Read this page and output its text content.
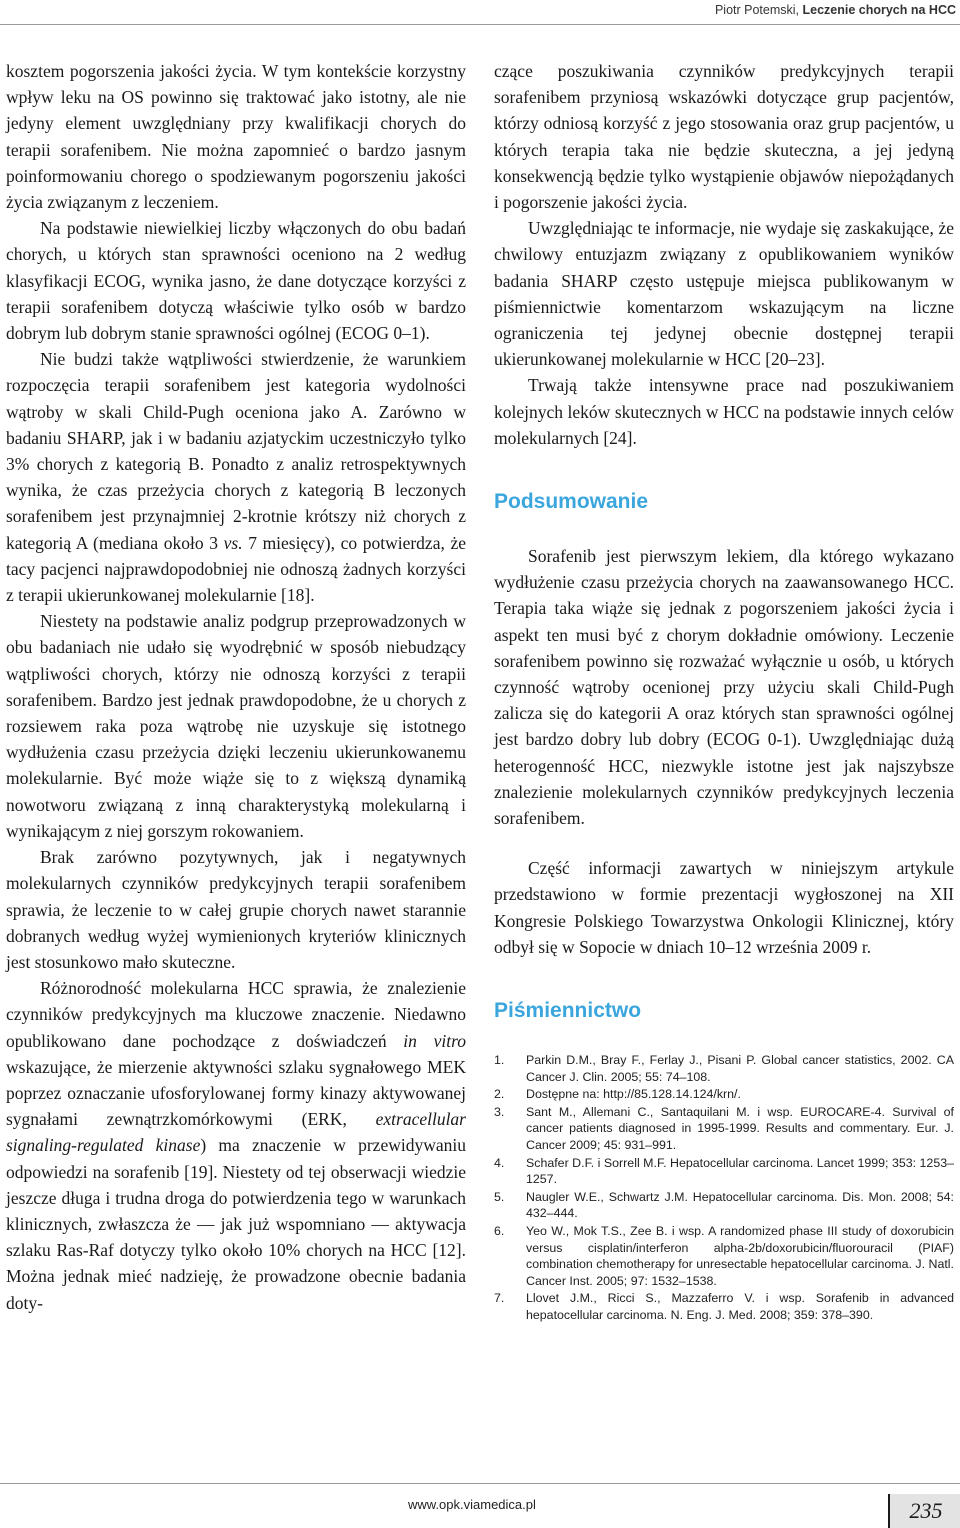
Piotr Potemski, Leczenie chorych na HCC

kosztem pogorszenia jakości życia. W tym kontekście korzystny wpływ leku na OS powinno się traktować jako istotny, ale nie jedyny element uwzględniany przy kwalifikacji chorych do terapii sorafenibem. Nie można zapomnieć o bardzo jasnym poinformowaniu chorego o spodziewanym pogorszeniu jakości życia związanym z leczeniem.

Na podstawie niewielkiej liczby włączonych do obu badań chorych, u których stan sprawności oceniono na 2 według klasyfikacji ECOG, wynika jasno, że dane dotyczące korzyści z terapii sorafenibem dotyczą właściwie tylko osób w bardzo dobrym lub dobrym stanie sprawności ogólnej (ECOG 0–1).

Nie budzi także wątpliwości stwierdzenie, że warunkiem rozpoczęcia terapii sorafenibem jest kategoria wydolności wątroby w skali Child-Pugh oceniona jako A. Zarówno w badaniu SHARP, jak i w badaniu azjatyckim uczestniczyło tylko 3% chorych z kategorią B. Ponadto z analiz retrospektywnych wynika, że czas przeżycia chorych z kategorią B leczonych sorafenibem jest przynajmniej 2-krotnie krótszy niż chorych z kategorią A (mediana około 3 vs. 7 miesięcy), co potwierdza, że tacy pacjenci najprawdopodobniej nie odnoszą żadnych korzyści z terapii ukierunkowanej molekularnie [18].

Niestety na podstawie analiz podgrup przeprowadzonych w obu badaniach nie udało się wyodrębnić w sposób niebudzący wątpliwości chorych, którzy nie odnoszą korzyści z terapii sorafenibem. Bardzo jest jednak prawdopodobne, że u chorych z rozsiewem raka poza wątrobę nie uzyskuje się istotnego wydłużenia czasu przeżycia dzięki leczeniu ukierunkowanemu molekularnie. Być może wiąże się to z większą dynamiką nowotworu związaną z inną charakterystyką molekularną i wynikającym z niej gorszym rokowaniem.

Brak zarówno pozytywnych, jak i negatywnych molekularnych czynników predykcyjnych terapii sorafenibem sprawia, że leczenie to w całej grupie chorych nawet starannie dobranych według wyżej wymienionych kryteriów klinicznych jest stosunkowo mało skuteczne.

Różnorodność molekularna HCC sprawia, że znalezienie czynników predykcyjnych ma kluczowe znaczenie. Niedawno opublikowano dane pochodzące z doświadczeń in vitro wskazujące, że mierzenie aktywności szlaku sygnałowego MEK poprzez oznaczanie ufosforylowanej formy kinazy aktywowanej sygnałami zewnątrzkomórkowymi (ERK, extracellular signaling-regulated kinase) ma znaczenie w przewidywaniu odpowiedzi na sorafenib [19]. Niestety od tej obserwacji wiedzie jeszcze długa i trudna droga do potwierdzenia tego w warunkach klinicznych, zwłaszcza że — jak już wspomniano — aktywacja szlaku Ras-Raf dotyczy tylko około 10% chorych na HCC [12]. Można jednak mieć nadzieję, że prowadzone obecnie badania doty-

czące poszukiwania czynników predykcyjnych terapii sorafenibem przyniosą wskazówki dotyczące grup pacjentów, którzy odniosą korzyść z jego stosowania oraz grup pacjentów, u których terapia taka nie będzie skuteczna, a jej jedyną konsekwencją będzie tylko wystąpienie objawów niepożądanych i pogorszenie jakości życia.

Uwzględniając te informacje, nie wydaje się zaskakujące, że chwilowy entuzjazm związany z opublikowaniem wyników badania SHARP często ustępuje miejsca publikowanym w piśmiennictwie komentarzom wskazującym na liczne ograniczenia tej jedynej obecnie dostępnej terapii ukierunkowanej molekularnie w HCC [20–23].

Trwają także intensywne prace nad poszukiwaniem kolejnych leków skutecznych w HCC na podstawie innych celów molekularnych [24].

Podsumowanie

Sorafenib jest pierwszym lekiem, dla którego wykazano wydłużenie czasu przeżycia chorych na zaawansowanego HCC. Terapia taka wiąże się jednak z pogorszeniem jakości życia i aspekt ten musi być z chorym dokładnie omówiony. Leczenie sorafenibem powinno się rozważać wyłącznie u osób, u których czynność wątroby ocenionej przy użyciu skali Child-Pugh zalicza się do kategorii A oraz których stan sprawności ogólnej jest bardzo dobry lub dobry (ECOG 0-1). Uwzględniając dużą heterogenność HCC, niezwykle istotne jest jak najszybsze znalezienie molekularnych czynników predykcyjnych leczenia sorafenibem.

Część informacji zawartych w niniejszym artykule przedstawiono w formie prezentacji wygłoszonej na XII Kongresie Polskiego Towarzystwa Onkologii Klinicznej, który odbył się w Sopocie w dniach 10–12 września 2009 r.

Piśmiennictwo
1. Parkin D.M., Bray F., Ferlay J., Pisani P. Global cancer statistics, 2002. CA Cancer J. Clin. 2005; 55: 74–108.
2. Dostępne na: http://85.128.14.124/krn/.
3. Sant M., Allemani C., Santaquilani M. i wsp. EUROCARE-4. Survival of cancer patients diagnosed in 1995-1999. Results and commentary. Eur. J. Cancer 2009; 45: 931–991.
4. Schafer D.F. i Sorrell M.F. Hepatocellular carcinoma. Lancet 1999; 353: 1253–1257.
5. Naugler W.E., Schwartz J.M. Hepatocellular carcinoma. Dis. Mon. 2008; 54: 432–444.
6. Yeo W., Mok T.S., Zee B. i wsp. A randomized phase III study of doxorubicin versus cisplatin/interferon alpha-2b/doxorubicin/fluorouracil (PIAF) combination chemotherapy for unresectable hepatocellular carcinoma. J. Natl. Cancer Inst. 2005; 97: 1532–1538.
7. Llovet J.M., Ricci S., Mazzaferro V. i wsp. Sorafenib in advanced hepatocellular carcinoma. N. Eng. J. Med. 2008; 359: 378–390.
www.opk.viamedica.pl	235
